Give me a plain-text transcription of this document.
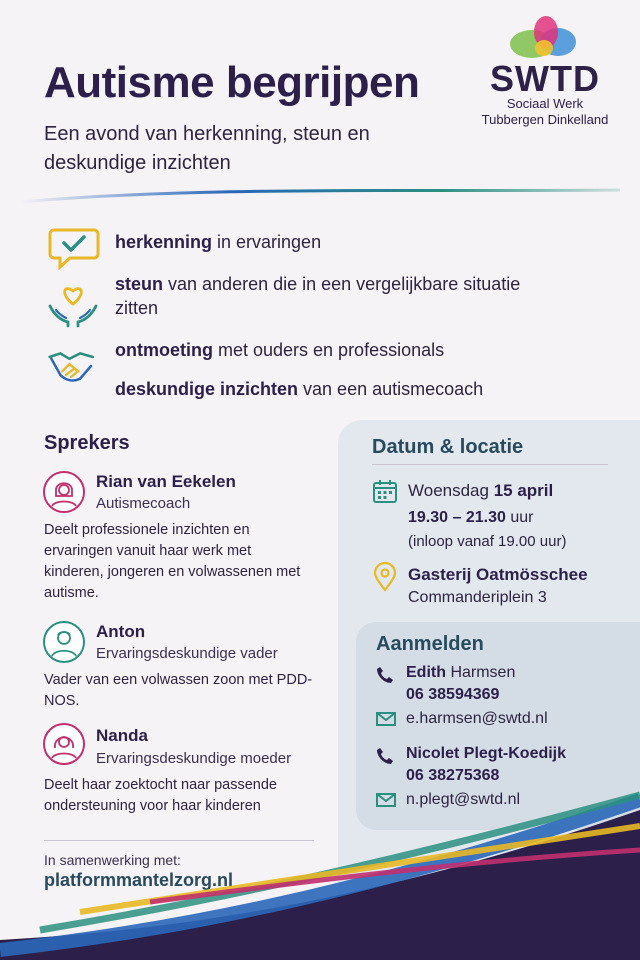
Autisme begrijpen
Een avond van herkenning, steun en deskundige inzichten
SWTD
Sociaal Werk
Tubbergen Dinkelland
herkenning in ervaringen
steun van anderen die in een vergelijkbare situatie zitten
ontmoeting met ouders en professionals
deskundige inzichten van een autismecoach
Sprekers
Rian van Eekelen
Autismecoach
Deelt professionele inzichten en ervaringen vanuit haar werk met kinderen, jongeren en volwassenen met autisme.
Anton
Ervaringsdeskundige vader
Vader van een volwassen zoon met PDD-NOS.
Nanda
Ervaringsdeskundige moeder
Deelt haar zoektocht naar passende ondersteuning voor haar kinderen
In samenwerking met:
platformmantelzorg.nl
Datum & locatie
Woensdag 15 april
19.30 – 21.30 uur
(inloop vanaf 19.00 uur)
Gasterij Oatmösschee
Commanderiplein 3
Aanmelden
Edith Harmsen
06 38594369
e.harmsen@swtd.nl
Nicolet Plegt-Koedijk
06 38275368
n.plegt@swtd.nl
